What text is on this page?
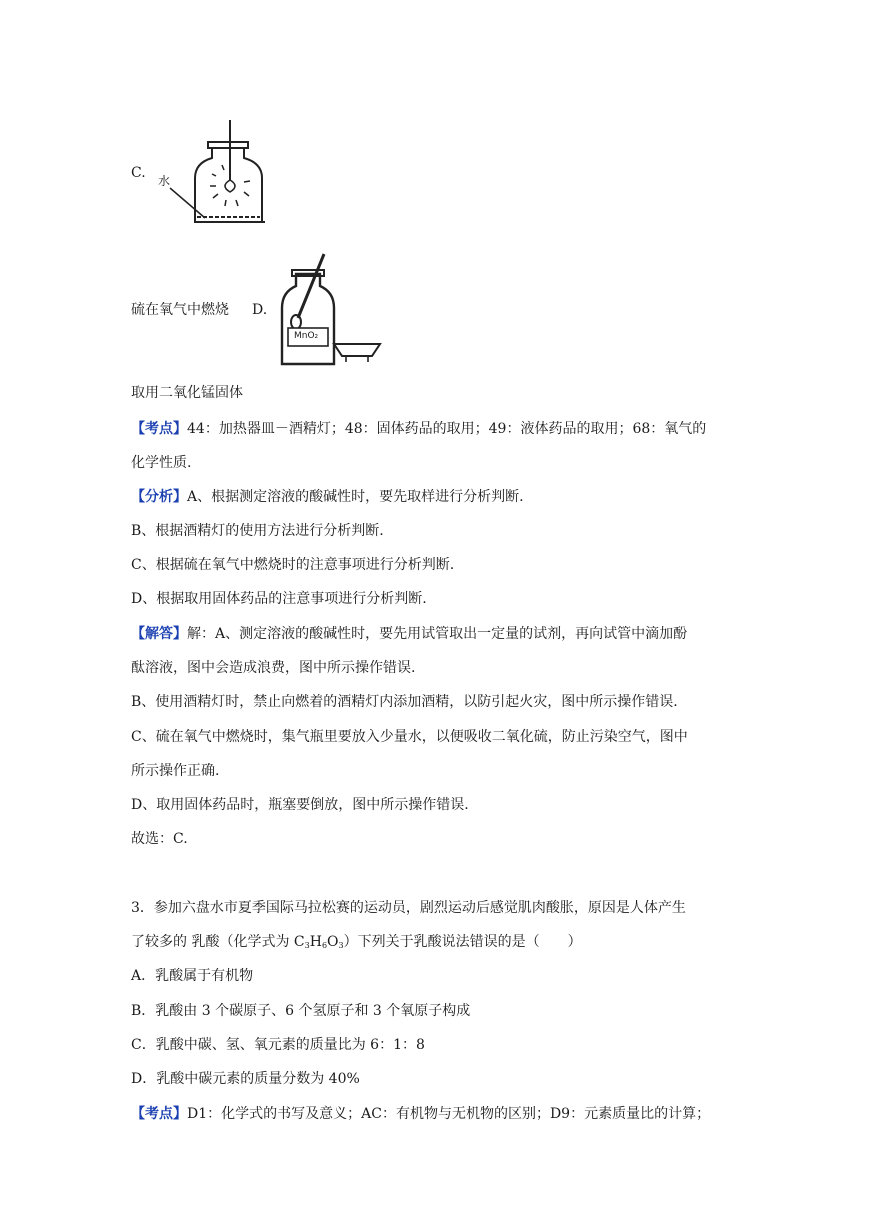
C. 水
硫在氧气中燃烧 D.
MnO₂
取用二氧化锰固体
【考点】44：加热器皿－酒精灯；48：固体药品的取用；49：液体药品的取用；68：氧气的
化学性质.
【分析】A、根据测定溶液的酸碱性时，要先取样进行分析判断.
B、根据酒精灯的使用方法进行分析判断.
C、根据硫在氧气中燃烧时的注意事项进行分析判断.
D、根据取用固体药品的注意事项进行分析判断.
【解答】解：A、测定溶液的酸碱性时，要先用试管取出一定量的试剂，再向试管中滴加酚
酞溶液，图中会造成浪费，图中所示操作错误.
B、使用酒精灯时，禁止向燃着的酒精灯内添加酒精，以防引起火灾，图中所示操作错误.
C、硫在氧气中燃烧时，集气瓶里要放入少量水，以便吸收二氧化硫，防止污染空气，图中
所示操作正确.
D、取用固体药品时，瓶塞要倒放，图中所示操作错误.
故选：C.
3．参加六盘水市夏季国际马拉松赛的运动员，剧烈运动后感觉肌肉酸胀，原因是人体产生
了较多的 乳酸（化学式为 $C_3H_6O_3$）下列关于乳酸说法错误的是（　　）
A．乳酸属于有机物
B．乳酸由 3 个碳原子、6 个氢原子和 3 个氧原子构成
C．乳酸中碳、氢、氧元素的质量比为 6：1：8
D．乳酸中碳元素的质量分数为 40%
【考点】D1：化学式的书写及意义；AC：有机物与无机物的区别；D9：元素质量比的计算；
